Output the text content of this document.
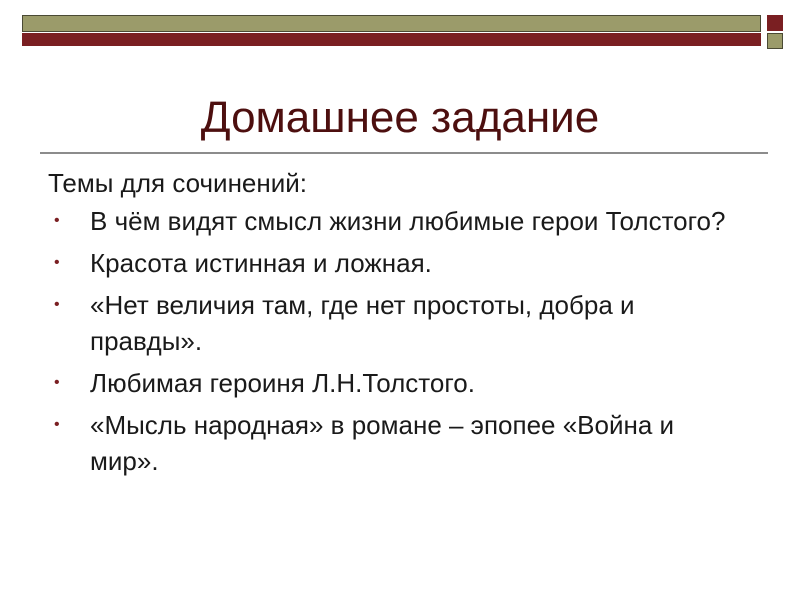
Домашнее задание

Темы для сочинений:

• В чём видят смысл жизни любимые герои Толстого?
• Красота истинная и ложная.
• «Нет величия там, где нет простоты, добра и правды».
• Любимая героиня Л.Н.Толстого.
• «Мысль народная» в романе – эпопее «Война и мир».
